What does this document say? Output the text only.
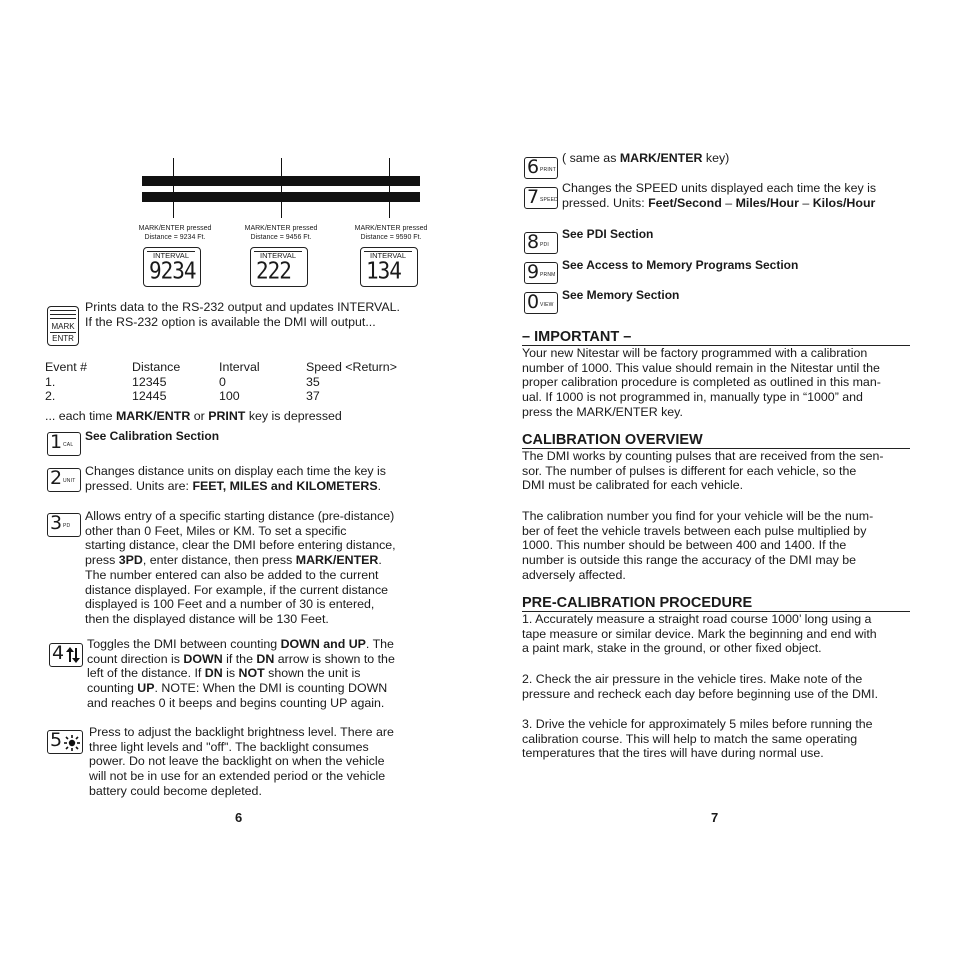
MARK/ENTER pressed
Distance = 9234 Ft.
MARK/ENTER pressed
Distance = 9456 Ft.
MARK/ENTER pressed
Distance = 9590 Ft.
INTERVAL
9234
INTERVAL
222
INTERVAL
134
MARK
ENTR
Prints data to the RS-232 output and updates INTERVAL.
If the RS-232 option is available the DMI will output...
Event #	Distance	Interval	Speed <Return>
1.	12345	0	35
2.	12445	100	37
... each time MARK/ENTR or PRINT key is depressed
1 CAL
See Calibration Section
2 UNIT
Changes distance units on display each time the key is
pressed. Units are: FEET, MILES and KILOMETERS.
3 PD
Allows entry of a specific starting distance (pre-distance)
other than 0 Feet, Miles or KM. To set a specific
starting distance, clear the DMI before entering distance,
press 3PD, enter distance, then press MARK/ENTER.
The number entered can also be added to the current
distance displayed. For example, if the current distance
displayed is 100 Feet and a number of 30 is entered,
then the displayed distance will be 130 Feet.
4 Toggles the DMI between counting DOWN and UP. The
count direction is DOWN if the DN arrow is shown to the
left of the distance. If DN is NOT shown the unit is
counting UP. NOTE: When the DMI is counting DOWN
and reaches 0 it beeps and begins counting UP again.
5 Press to adjust the backlight brightness level. There are
three light levels and "off". The backlight consumes
power. Do not leave the backlight on when the vehicle
will not be in use for an extended period or the vehicle
battery could become depleted.
6
6 PRINT
( same as MARK/ENTER key)
7 SPEED
Changes the SPEED units displayed each time the key is
pressed. Units: Feet/Second – Miles/Hour – Kilos/Hour
8 PDI
See PDI Section
9 PRNM
See Access to Memory Programs Section
0 VIEW
See Memory Section
– IMPORTANT –
Your new Nitestar will be factory programmed with a calibration
number of 1000. This value should remain in the Nitestar until the
proper calibration procedure is completed as outlined in this man-
ual. If 1000 is not programmed in, manually type in “1000” and
press the MARK/ENTER key.
CALIBRATION OVERVIEW
The DMI works by counting pulses that are received from the sen-
sor. The number of pulses is different for each vehicle, so the
DMI must be calibrated for each vehicle.
The calibration number you find for your vehicle will be the num-
ber of feet the vehicle travels between each pulse multiplied by
1000. This number should be between 400 and 1400. If the
number is outside this range the accuracy of the DMI may be
adversely affected.
PRE-CALIBRATION PROCEDURE
1. Accurately measure a straight road course 1000’ long using a
tape measure or similar device. Mark the beginning and end with
a paint mark, stake in the ground, or other fixed object.
2. Check the air pressure in the vehicle tires. Make note of the
pressure and recheck each day before beginning use of the DMI.
3. Drive the vehicle for approximately 5 miles before running the
calibration course. This will help to match the same operating
temperatures that the tires will have during normal use.
7
